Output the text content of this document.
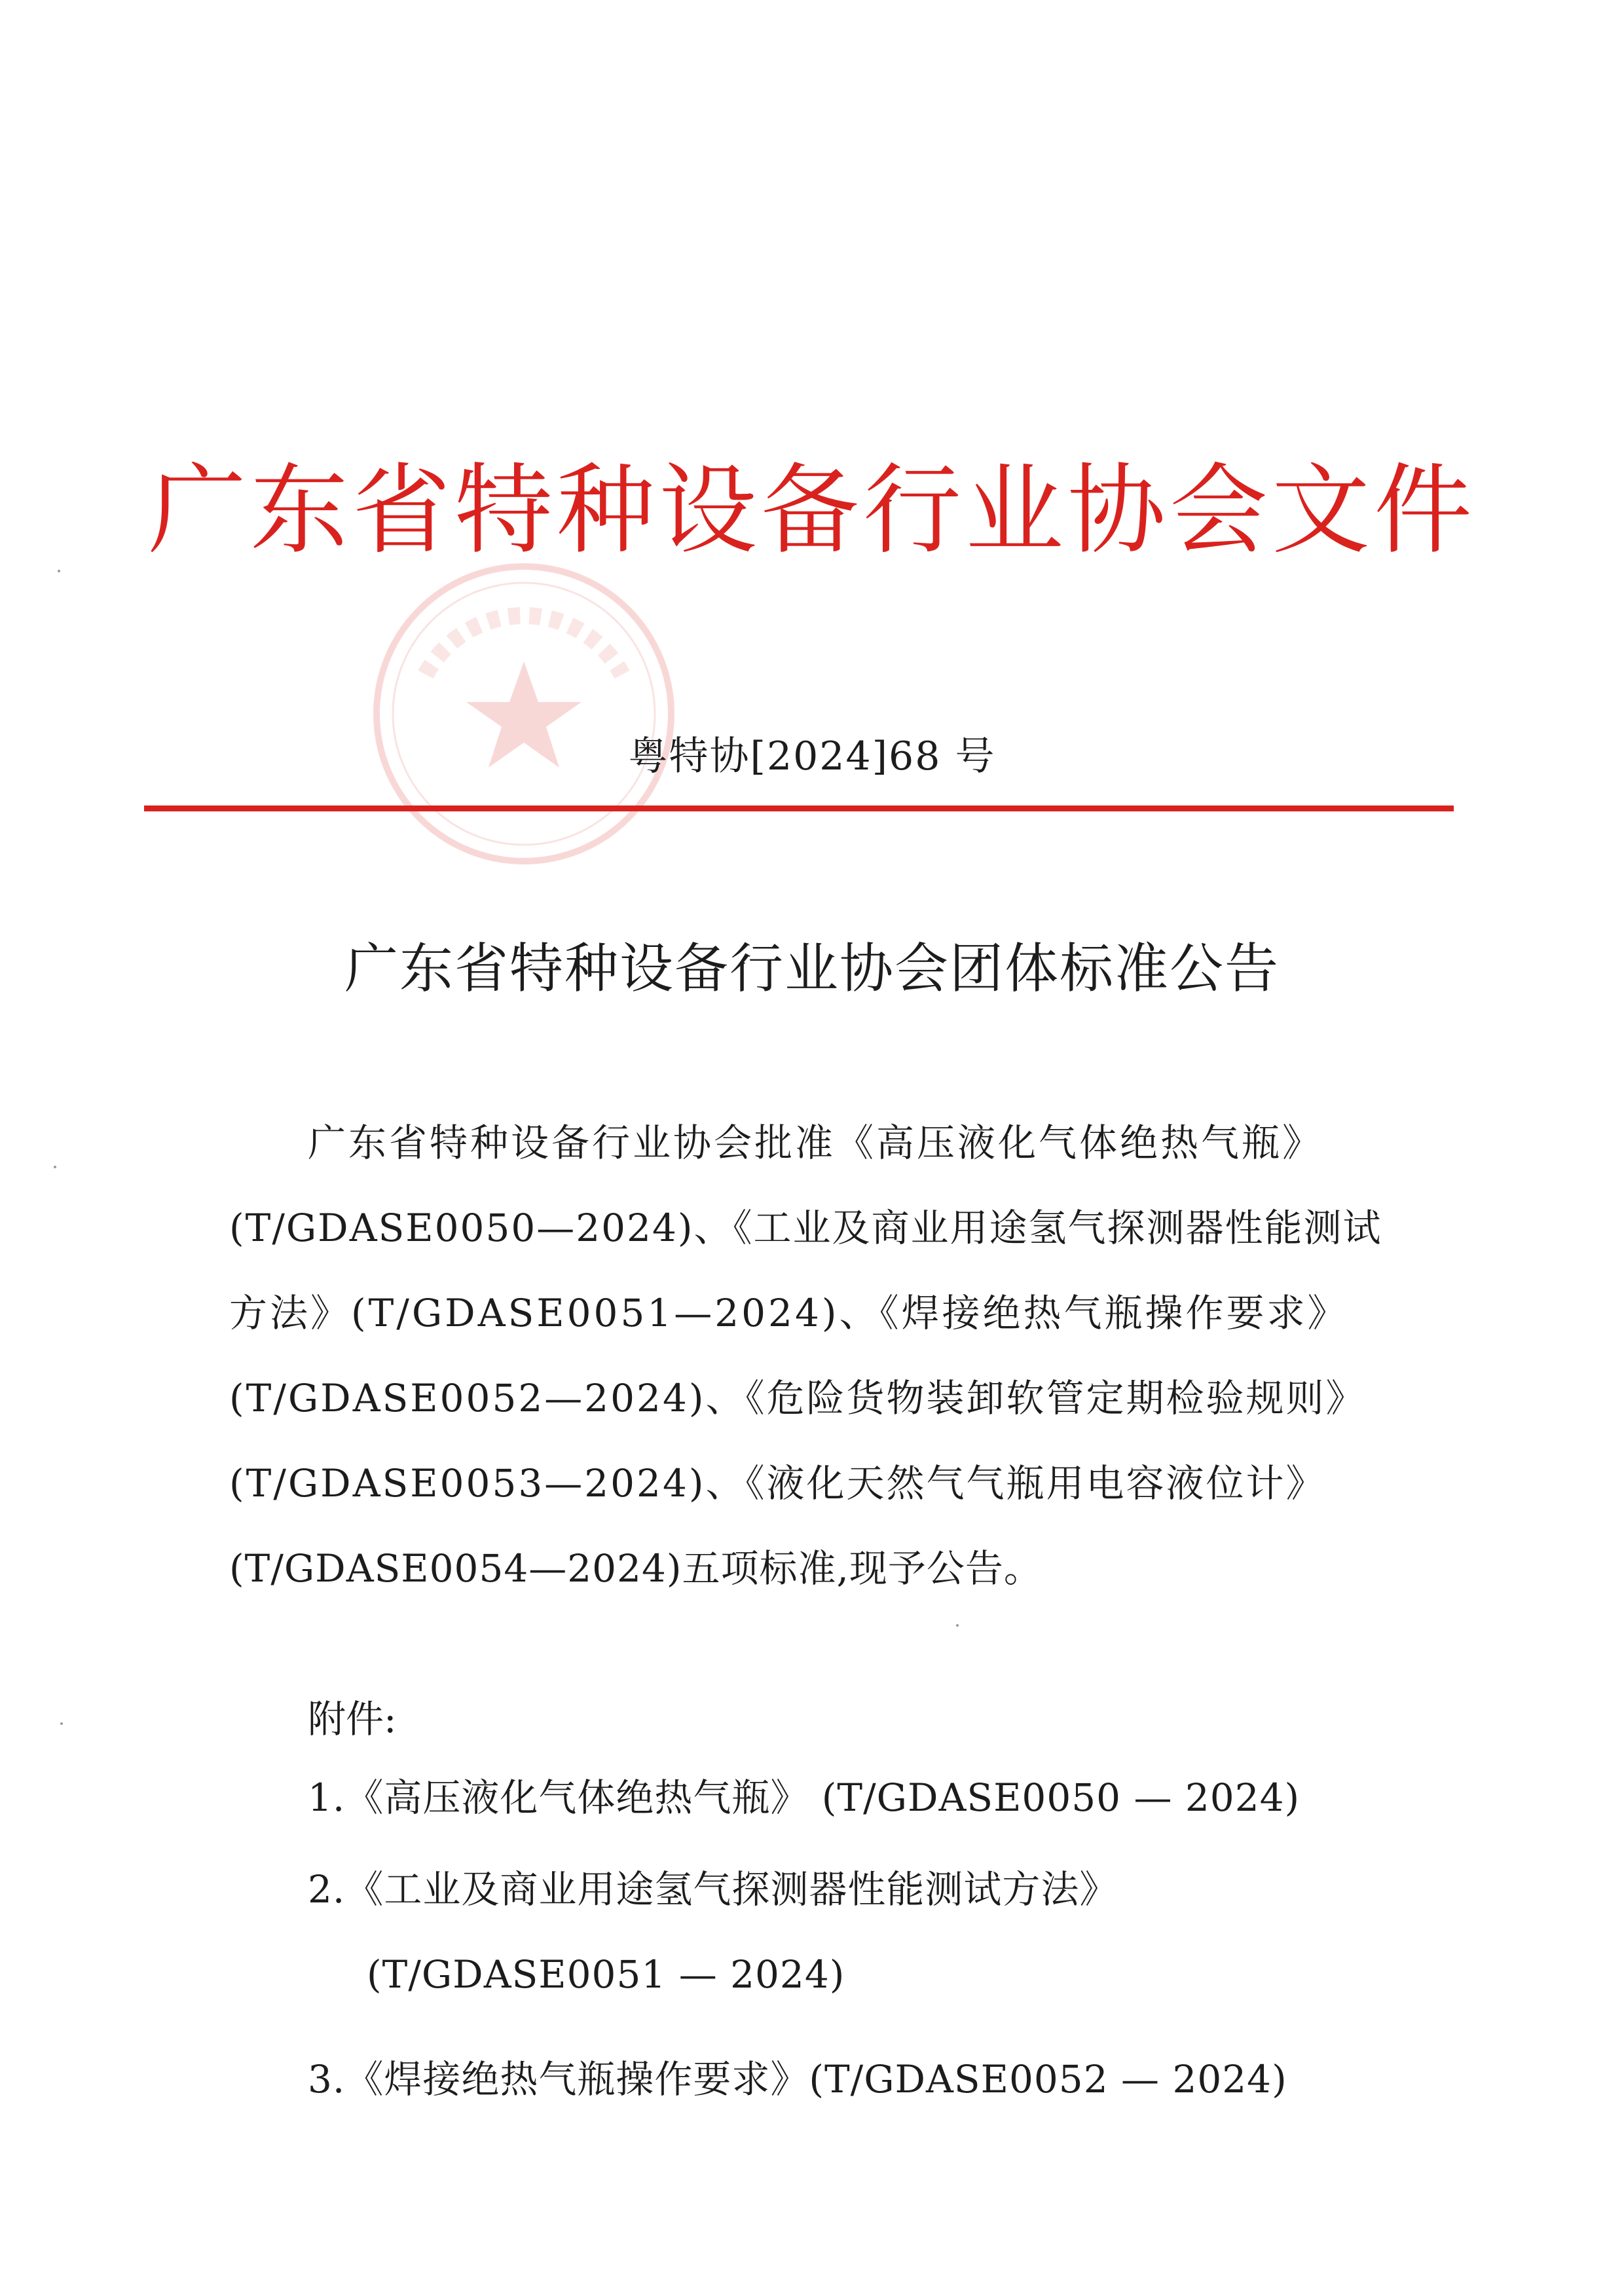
广东省特种设备行业协会文件
粤特协[2024]68 号
广东省特种设备行业协会团体标准公告
广东省特种设备行业协会批准《高压液化气体绝热气瓶》
(T/GDASE0050—2024)、《工业及商业用途氢气探测器性能测试
方法》(T/GDASE0051—2024)、《焊接绝热气瓶操作要求》
(T/GDASE0052—2024)、《危险货物装卸软管定期检验规则》
(T/GDASE0053—2024)、《液化天然气气瓶用电容液位计》
(T/GDASE0054—2024)五项标准,现予公告。
附件:
1.《高压液化气体绝热气瓶》 (T/GDASE0050 — 2024)
2.《工业及商业用途氢气探测器性能测试方法》
(T/GDASE0051 — 2024)
3.《焊接绝热气瓶操作要求》(T/GDASE0052 — 2024)
